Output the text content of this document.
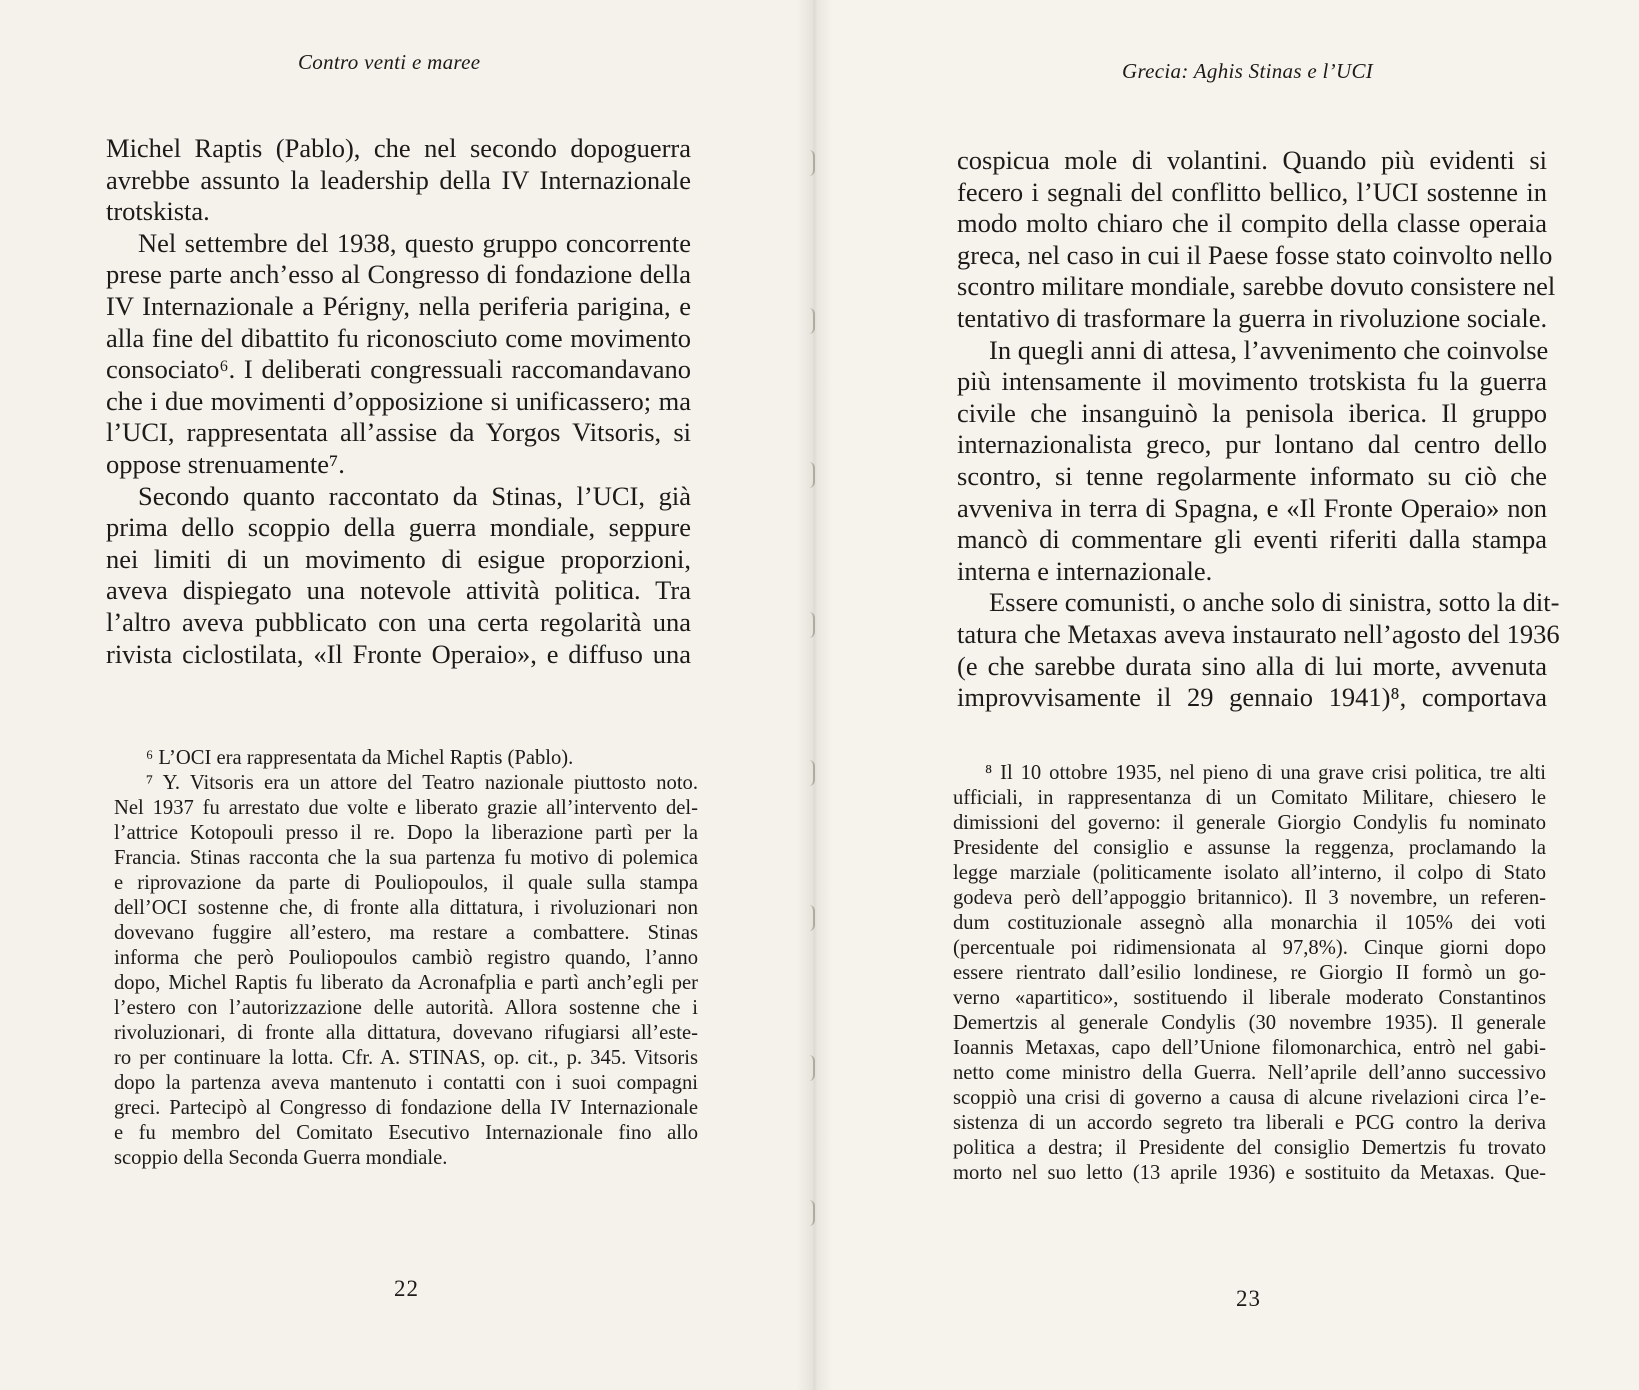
Contro venti e maree
Michel Raptis (Pablo), che nel secondo dopoguerra
avrebbe assunto la leadership della IV Internazionale
trotskista.
Nel settembre del 1938, questo gruppo concorrente
prese parte anch’esso al Congresso di fondazione della
IV Internazionale a Périgny, nella periferia parigina, e
alla fine del dibattito fu riconosciuto come movimento
consociato⁶. I deliberati congressuali raccomandavano
che i due movimenti d’opposizione si unificassero; ma
l’UCI, rappresentata all’assise da Yorgos Vitsoris, si
oppose strenuamente⁷.
Secondo quanto raccontato da Stinas, l’UCI, già
prima dello scoppio della guerra mondiale, seppure
nei limiti di un movimento di esigue proporzioni,
aveva dispiegato una notevole attività politica. Tra
l’altro aveva pubblicato con una certa regolarità una
rivista ciclostilata, «Il Fronte Operaio», e diffuso una
⁶ L’OCI era rappresentata da Michel Raptis (Pablo).
⁷ Y. Vitsoris era un attore del Teatro nazionale piuttosto noto.
Nel 1937 fu arrestato due volte e liberato grazie all’intervento del-
l’attrice Kotopouli presso il re. Dopo la liberazione partì per la
Francia. Stinas racconta che la sua partenza fu motivo di polemica
e riprovazione da parte di Pouliopoulos, il quale sulla stampa
dell’OCI sostenne che, di fronte alla dittatura, i rivoluzionari non
dovevano fuggire all’estero, ma restare a combattere. Stinas
informa che però Pouliopoulos cambiò registro quando, l’anno
dopo, Michel Raptis fu liberato da Acronafplia e partì anch’egli per
l’estero con l’autorizzazione delle autorità. Allora sostenne che i
rivoluzionari, di fronte alla dittatura, dovevano rifugiarsi all’este-
ro per continuare la lotta. Cfr. A. STINAS, op. cit., p. 345. Vitsoris
dopo la partenza aveva mantenuto i contatti con i suoi compagni
greci. Partecipò al Congresso di fondazione della IV Internazionale
e fu membro del Comitato Esecutivo Internazionale fino allo
scoppio della Seconda Guerra mondiale.
22
Grecia: Aghis Stinas e l’UCI
cospicua mole di volantini. Quando più evidenti si
fecero i segnali del conflitto bellico, l’UCI sostenne in
modo molto chiaro che il compito della classe operaia
greca, nel caso in cui il Paese fosse stato coinvolto nello
scontro militare mondiale, sarebbe dovuto consistere nel
tentativo di trasformare la guerra in rivoluzione sociale.
In quegli anni di attesa, l’avvenimento che coinvolse
più intensamente il movimento trotskista fu la guerra
civile che insanguinò la penisola iberica. Il gruppo
internazionalista greco, pur lontano dal centro dello
scontro, si tenne regolarmente informato su ciò che
avveniva in terra di Spagna, e «Il Fronte Operaio» non
mancò di commentare gli eventi riferiti dalla stampa
interna e internazionale.
Essere comunisti, o anche solo di sinistra, sotto la dit-
tatura che Metaxas aveva instaurato nell’agosto del 1936
(e che sarebbe durata sino alla di lui morte, avvenuta
improvvisamente il 29 gennaio 1941)⁸, comportava
⁸ Il 10 ottobre 1935, nel pieno di una grave crisi politica, tre alti
ufficiali, in rappresentanza di un Comitato Militare, chiesero le
dimissioni del governo: il generale Giorgio Condylis fu nominato
Presidente del consiglio e assunse la reggenza, proclamando la
legge marziale (politicamente isolato all’interno, il colpo di Stato
godeva però dell’appoggio britannico). Il 3 novembre, un referen-
dum costituzionale assegnò alla monarchia il 105% dei voti
(percentuale poi ridimensionata al 97,8%). Cinque giorni dopo
essere rientrato dall’esilio londinese, re Giorgio II formò un go-
verno «apartitico», sostituendo il liberale moderato Constantinos
Demertzis al generale Condylis (30 novembre 1935). Il generale
Ioannis Metaxas, capo dell’Unione filomonarchica, entrò nel gabi-
netto come ministro della Guerra. Nell’aprile dell’anno successivo
scoppiò una crisi di governo a causa di alcune rivelazioni circa l’e-
sistenza di un accordo segreto tra liberali e PCG contro la deriva
politica a destra; il Presidente del consiglio Demertzis fu trovato
morto nel suo letto (13 aprile 1936) e sostituito da Metaxas. Que-
23
